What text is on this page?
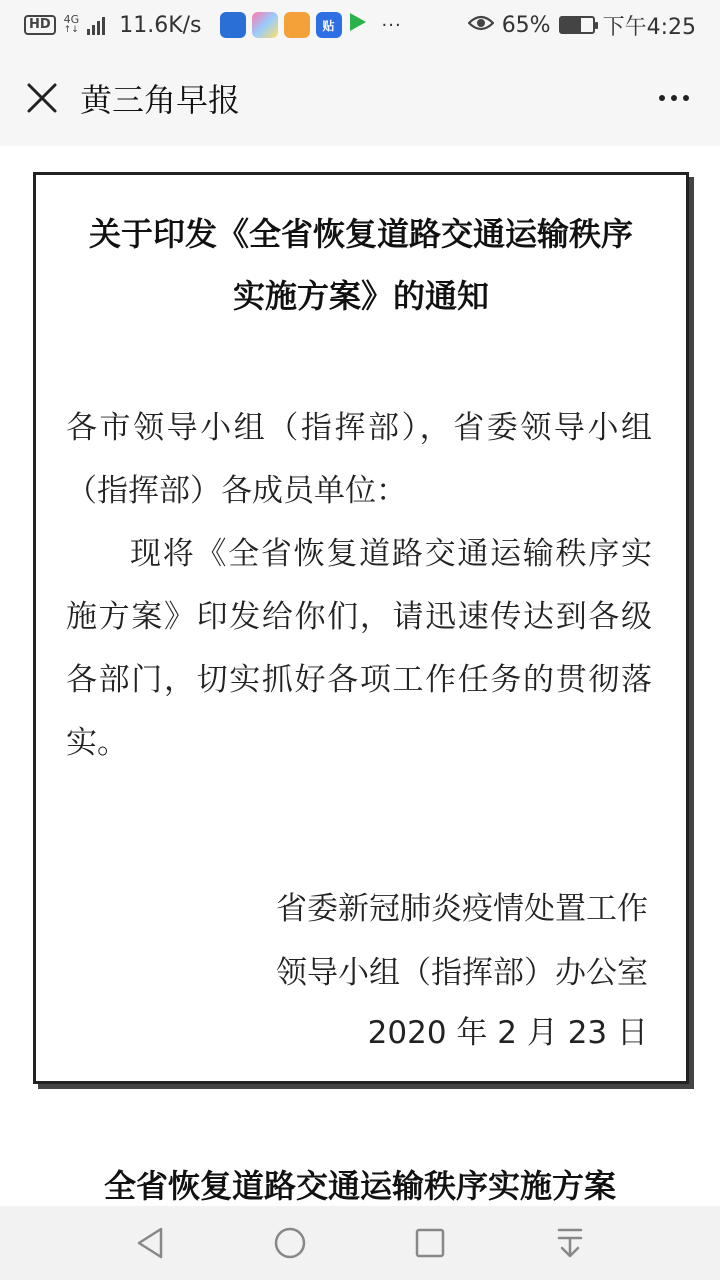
HD	4G
↑↓ 11.6K/s	贴	···	65% 下午4:25
黄三角早报
关于印发《全省恢复道路交通运输秩序
实施方案》的通知

各市领导小组（指挥部），省委领导小组（指挥部）各成员单位：

现将《全省恢复道路交通运输秩序实施方案》印发给你们，请迅速传达到各级各部门，切实抓好各项工作任务的贯彻落实。

省委新冠肺炎疫情处置工作
领导小组（指挥部）办公室
2020 年 2 月 23 日
全省恢复道路交通运输秩序实施方案
